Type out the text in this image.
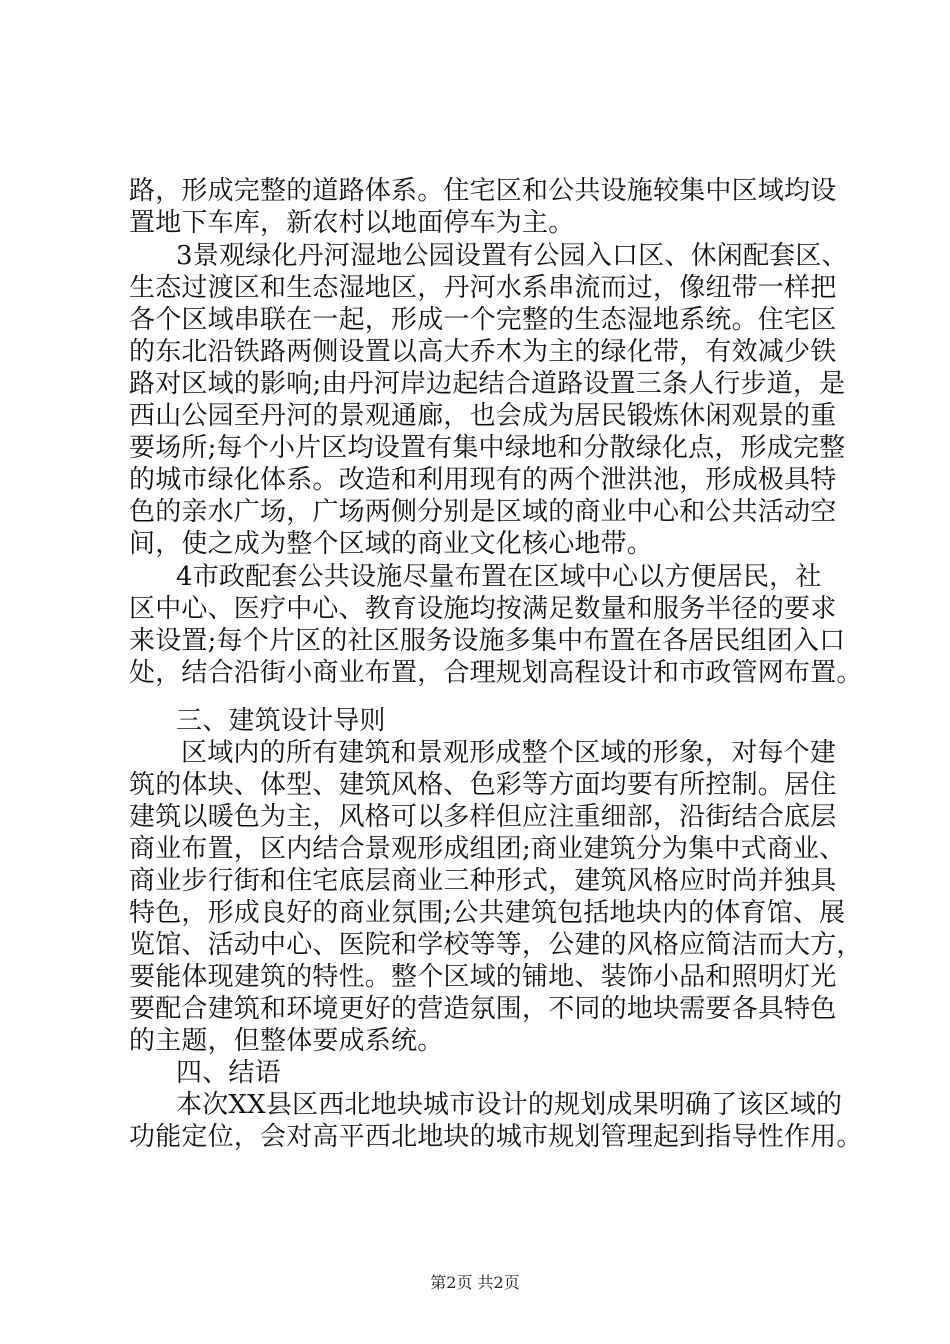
路，形成完整的道路体系。住宅区和公共设施较集中区域均设
置地下车库，新农村以地面停车为主。
3景观绿化丹河湿地公园设置有公园入口区、休闲配套区、
生态过渡区和生态湿地区，丹河水系串流而过，像纽带一样把
各个区域串联在一起，形成一个完整的生态湿地系统。住宅区
的东北沿铁路两侧设置以高大乔木为主的绿化带，有效减少铁
路对区域的影响;由丹河岸边起结合道路设置三条人行步道，是
西山公园至丹河的景观通廊，也会成为居民锻炼休闲观景的重
要场所;每个小片区均设置有集中绿地和分散绿化点，形成完整
的城市绿化体系。改造和利用现有的两个泄洪池，形成极具特
色的亲水广场，广场两侧分别是区域的商业中心和公共活动空
间，使之成为整个区域的商业文化核心地带。
4市政配套公共设施尽量布置在区域中心以方便居民，社
区中心、医疗中心、教育设施均按满足数量和服务半径的要求
来设置;每个片区的社区服务设施多集中布置在各居民组团入口
处，结合沿街小商业布置，合理规划高程设计和市政管网布置。
三、建筑设计导则
区域内的所有建筑和景观形成整个区域的形象，对每个建
筑的体块、体型、建筑风格、色彩等方面均要有所控制。居住
建筑以暖色为主，风格可以多样但应注重细部，沿街结合底层
商业布置，区内结合景观形成组团;商业建筑分为集中式商业、
商业步行街和住宅底层商业三种形式，建筑风格应时尚并独具
特色，形成良好的商业氛围;公共建筑包括地块内的体育馆、展
览馆、活动中心、医院和学校等等，公建的风格应简洁而大方，
要能体现建筑的特性。整个区域的铺地、装饰小品和照明灯光
要配合建筑和环境更好的营造氛围，不同的地块需要各具特色
的主题，但整体要成系统。
四、结语
本次XX县区西北地块城市设计的规划成果明确了该区域的
功能定位，会对高平西北地块的城市规划管理起到指导性作用。
第2页 共2页
